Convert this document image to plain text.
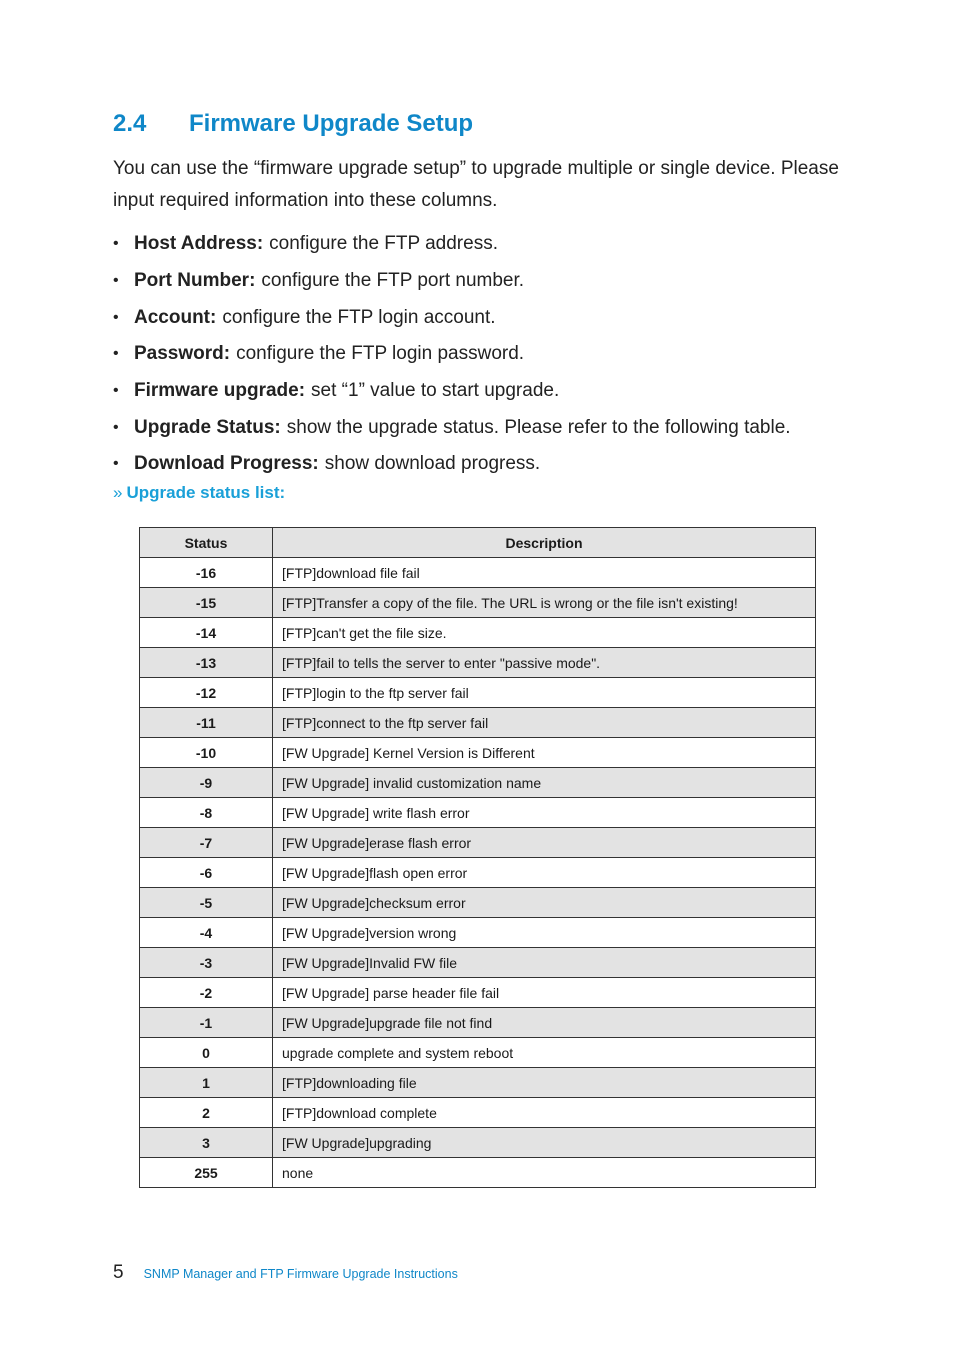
2.4 Firmware Upgrade Setup

You can use the “firmware upgrade setup” to upgrade multiple or single device. Please input required information into these columns.

• Host Address: configure the FTP address.
• Port Number: configure the FTP port number.
• Account: configure the FTP login account.
• Password: configure the FTP login password.
• Firmware upgrade: set “1” value to start upgrade.
• Upgrade Status: show the upgrade status. Please refer to the following table.
• Download Progress: show download progress.

» Upgrade status list:

Status	Description
-16	[FTP]download file fail
-15	[FTP]Transfer a copy of the file. The URL is wrong or the file isn't existing!
-14	[FTP]can't get the file size.
-13	[FTP]fail to tells the server to enter "passive mode".
-12	[FTP]login to the ftp server fail
-11	[FTP]connect to the ftp server fail
-10	[FW Upgrade] Kernel Version is Different
-9	[FW Upgrade] invalid customization name
-8	[FW Upgrade] write flash error
-7	[FW Upgrade]erase flash error
-6	[FW Upgrade]flash open error
-5	[FW Upgrade]checksum error
-4	[FW Upgrade]version wrong
-3	[FW Upgrade]Invalid FW file
-2	[FW Upgrade] parse header file fail
-1	[FW Upgrade]upgrade file not find
0	upgrade complete and system reboot
1	[FTP]downloading file
2	[FTP]download complete
3	[FW Upgrade]upgrading
255	none
5 SNMP Manager and FTP Firmware Upgrade Instructions
